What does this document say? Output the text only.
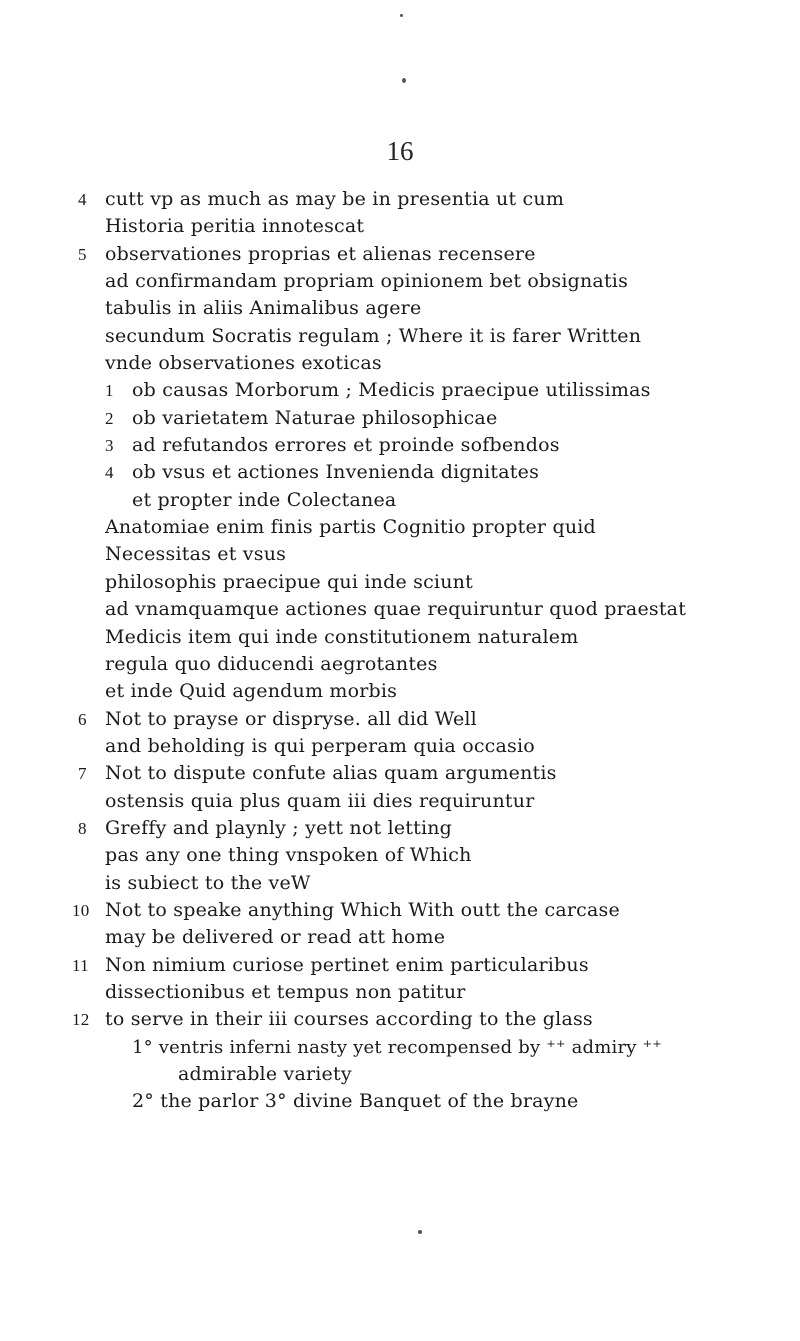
16
4 cutt vp as much as may be in presentia ut cum
Historia peritia innotescat
5 observationes proprias et alienas recensere
ad confirmandam propriam opinionem bet obsignatis
tabulis in aliis Animalibus agere
secundum Socratis regulam ; Where it is farer Written
vnde observationes exoticas
1 ob causas Morborum ; Medicis praecipue utilissimas
2 ob varietatem Naturae philosophicae
3 ad refutandos errores et proinde sofbendos
4 ob vsus et actiones Invenienda dignitates
et propter inde Colectanea
Anatomiae enim finis partis Cognitio propter quid
Necessitas et vsus
philosophis praecipue qui inde sciunt
ad vnamquamque actiones quae requiruntur quod praestat
Medicis item qui inde constitutionem naturalem
regula quo diducendi aegrotantes
et inde Quid agendum morbis
6 Not to prayse or dispryse. all did Well
and beholding is qui perperam quia occasio
7 Not to dispute confute alias quam argumentis
ostensis quia plus quam iii dies requiruntur
8 Greffy and playnly ; yett not letting
pas any one thing vnspoken of Which
is subiect to the veW
10 Not to speake anything Which With outt the carcase
may be delivered or read att home
11 Non nimium curiose pertinet enim particularibus
dissectionibus et tempus non patitur
12 to serve in their iii courses according to the glass
1° ventris inferni nasty yet recompensed by ⁺⁺ admiry ⁺⁺
admirable variety
2° the parlor 3° divine Banquet of the brayne
